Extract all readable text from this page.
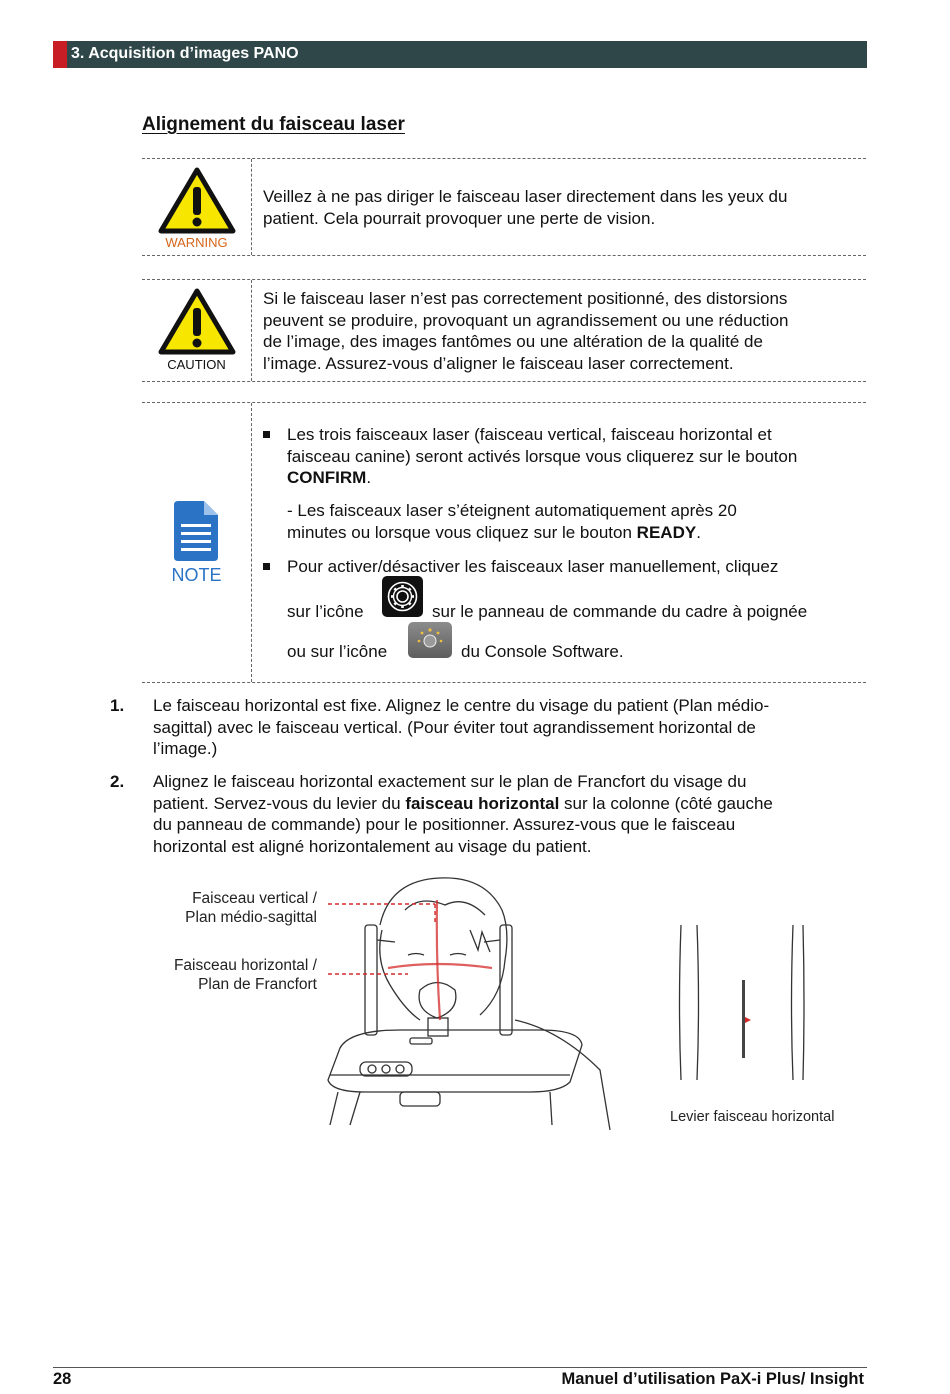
3. Acquisition d’images PANO
Alignement du faisceau laser
WARNING
Veillez à ne pas diriger le faisceau laser directement dans les yeux du
patient. Cela pourrait provoquer une perte de vision.
CAUTION
Si le faisceau laser n’est pas correctement positionné, des distorsions
peuvent se produire, provoquant un agrandissement ou une réduction
de l’image, des images fantômes ou une altération de la qualité de
l’image. Assurez-vous d’aligner le faisceau laser correctement.
NOTE
Les trois faisceaux laser (faisceau vertical, faisceau horizontal et
faisceau canine) seront activés lorsque vous cliquerez sur le bouton
CONFIRM.
- Les faisceaux laser s’éteignent automatiquement après 20
minutes ou lorsque vous cliquez sur le bouton READY.
Pour activer/désactiver les faisceaux laser manuellement, cliquez
sur l’icône	sur le panneau de commande du cadre à poignée
ou sur l’icône	du Console Software.
1. Le faisceau horizontal est fixe. Alignez le centre du visage du patient (Plan médio-
sagittal) avec le faisceau vertical. (Pour éviter tout agrandissement horizontal de
l’image.)
2. Alignez le faisceau horizontal exactement sur le plan de Francfort du visage du
patient. Servez-vous du levier du faisceau horizontal sur la colonne (côté gauche
du panneau de commande) pour le positionner. Assurez-vous que le faisceau
horizontal est aligné horizontalement au visage du patient.
Faisceau vertical /
Plan médio-sagittal
Faisceau horizontal /
Plan de Francfort
Levier faisceau horizontal
28	Manuel d’utilisation PaX-i Plus/ Insight
